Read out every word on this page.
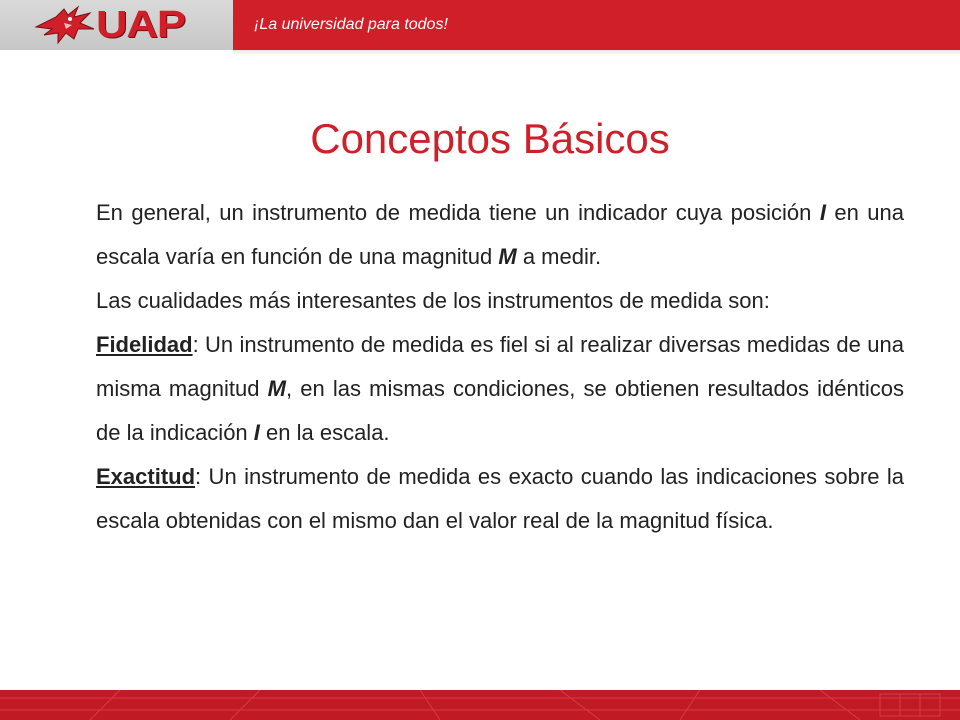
UAP	¡La universidad para todos!
Conceptos Básicos

En general, un instrumento de medida tiene un indicador cuya posición I en una escala varía en función de una magnitud M a medir.

Las cualidades más interesantes de los instrumentos de medida son:

Fidelidad: Un instrumento de medida es fiel si al realizar diversas medidas de una misma magnitud M, en las mismas condiciones, se obtienen resultados idénticos de la indicación I en la escala.

Exactitud: Un instrumento de medida es exacto cuando las indicaciones sobre la escala obtenidas con el mismo dan el valor real de la magnitud física.
